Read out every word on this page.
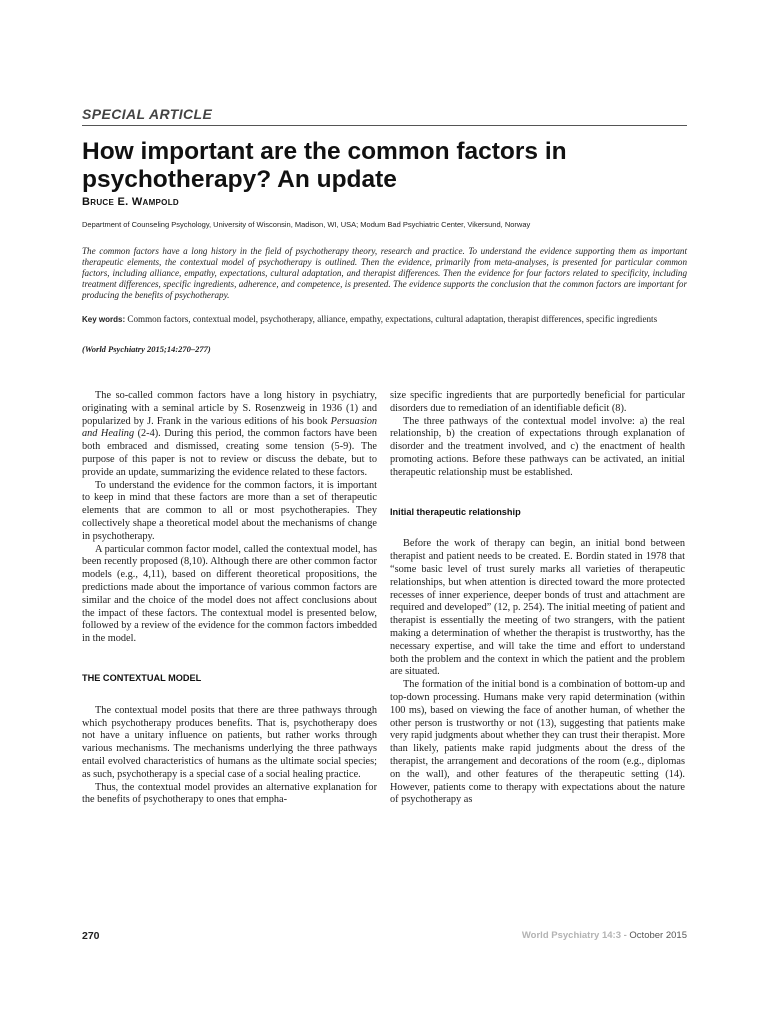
SPECIAL ARTICLE
How important are the common factors in psychotherapy? An update
Bruce E. Wampold
Department of Counseling Psychology, University of Wisconsin, Madison, WI, USA; Modum Bad Psychiatric Center, Vikersund, Norway

The common factors have a long history in the field of psychotherapy theory, research and practice. To understand the evidence supporting them as important therapeutic elements, the contextual model of psychotherapy is outlined. Then the evidence, primarily from meta-analyses, is presented for particular common factors, including alliance, empathy, expectations, cultural adaptation, and therapist differences. Then the evidence for four factors related to specificity, including treatment differences, specific ingredients, adherence, and competence, is presented. The evidence supports the conclusion that the common factors are important for producing the benefits of psychotherapy.

Key words: Common factors, contextual model, psychotherapy, alliance, empathy, expectations, cultural adaptation, therapist differences, specific ingredients

(World Psychiatry 2015;14:270–277)

The so-called common factors have a long history in psychiatry, originating with a seminal article by S. Rosenzweig in 1936 (1) and popularized by J. Frank in the various editions of his book Persuasion and Healing (2-4). During this period, the common factors have been both embraced and dismissed, creating some tension (5-9). The purpose of this paper is not to review or discuss the debate, but to provide an update, summarizing the evidence related to these factors.

To understand the evidence for the common factors, it is important to keep in mind that these factors are more than a set of therapeutic elements that are common to all or most psychotherapies. They collectively shape a theoretical model about the mechanisms of change in psychotherapy.

A particular common factor model, called the contextual model, has been recently proposed (8,10). Although there are other common factor models (e.g., 4,11), based on different theoretical propositions, the predictions made about the importance of various common factors are similar and the choice of the model does not affect conclusions about the impact of these factors. The contextual model is presented below, followed by a review of the evidence for the common factors imbedded in the model.

THE CONTEXTUAL MODEL

The contextual model posits that there are three pathways through which psychotherapy produces benefits. That is, psychotherapy does not have a unitary influence on patients, but rather works through various mechanisms. The mechanisms underlying the three pathways entail evolved characteristics of humans as the ultimate social species; as such, psychotherapy is a special case of a social healing practice.

Thus, the contextual model provides an alternative explanation for the benefits of psychotherapy to ones that empha-

size specific ingredients that are purportedly beneficial for particular disorders due to remediation of an identifiable deficit (8).

The three pathways of the contextual model involve: a) the real relationship, b) the creation of expectations through explanation of disorder and the treatment involved, and c) the enactment of health promoting actions. Before these pathways can be activated, an initial therapeutic relationship must be established.

Initial therapeutic relationship

Before the work of therapy can begin, an initial bond between therapist and patient needs to be created. E. Bordin stated in 1978 that “some basic level of trust surely marks all varieties of therapeutic relationships, but when attention is directed toward the more protected recesses of inner experience, deeper bonds of trust and attachment are required and developed” (12, p. 254). The initial meeting of patient and therapist is essentially the meeting of two strangers, with the patient making a determination of whether the therapist is trustworthy, has the necessary expertise, and will take the time and effort to understand both the problem and the context in which the patient and the problem are situated.

The formation of the initial bond is a combination of bottom-up and top-down processing. Humans make very rapid determination (within 100 ms), based on viewing the face of another human, of whether the other person is trustworthy or not (13), suggesting that patients make very rapid judgments about whether they can trust their therapist. More than likely, patients make rapid judgments about the dress of the therapist, the arrangement and decorations of the room (e.g., diplomas on the wall), and other features of the therapeutic setting (14). However, patients come to therapy with expectations about the nature of psychotherapy as

270	World Psychiatry 14:3 - October 2015
